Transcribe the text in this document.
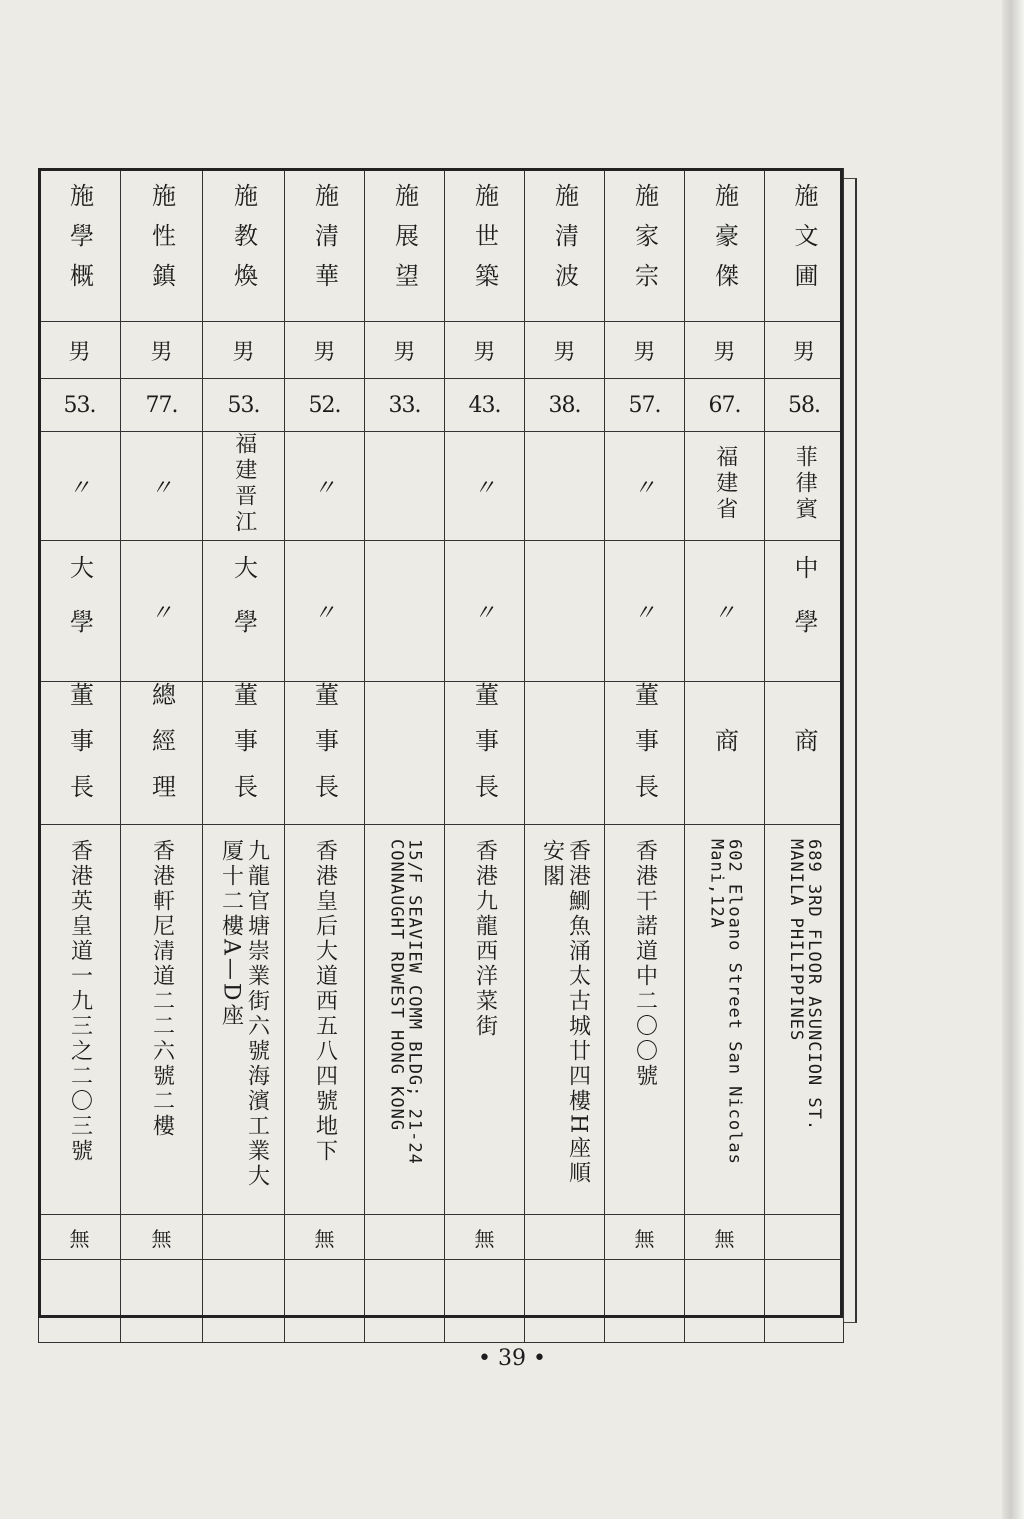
施學概	施性鎮	施教煥	施清華	施展望	施世築	施清波	施家宗	施豪傑	施文圃
男	男	男	男	男	男	男	男	男	男
53.	77.	53.	52.	33.	43.	38.	57.	67.	58.
〃	〃	福建晋江	〃		〃		〃	福建省	菲律賓
大學	〃	大學	〃		〃		〃	〃	中學
董事長	總經理	董事長	董事長		董事長		董事長	商	商
香港英皇道一九三之二〇三號	香港軒尼清道二二六號二樓	九龍官塘崇業街六號海濱工業大厦十二樓A—D座	香港皇后大道西五八四號地下	15/F SEAVIEW COMM BLDG; 21-24 CONNAUGHT RDWEST HONG KONG	香港九龍西洋菜街	香港鰂魚涌太古城廿四樓H座順安閣	香港干諾道中二〇〇號	602 Eloano Street San Nicolas Mani,12A	689 3RD FLOOR ASUNCION ST. MANILA PHILIPPINES
無	無		無		無		無	無	

• 39 •
